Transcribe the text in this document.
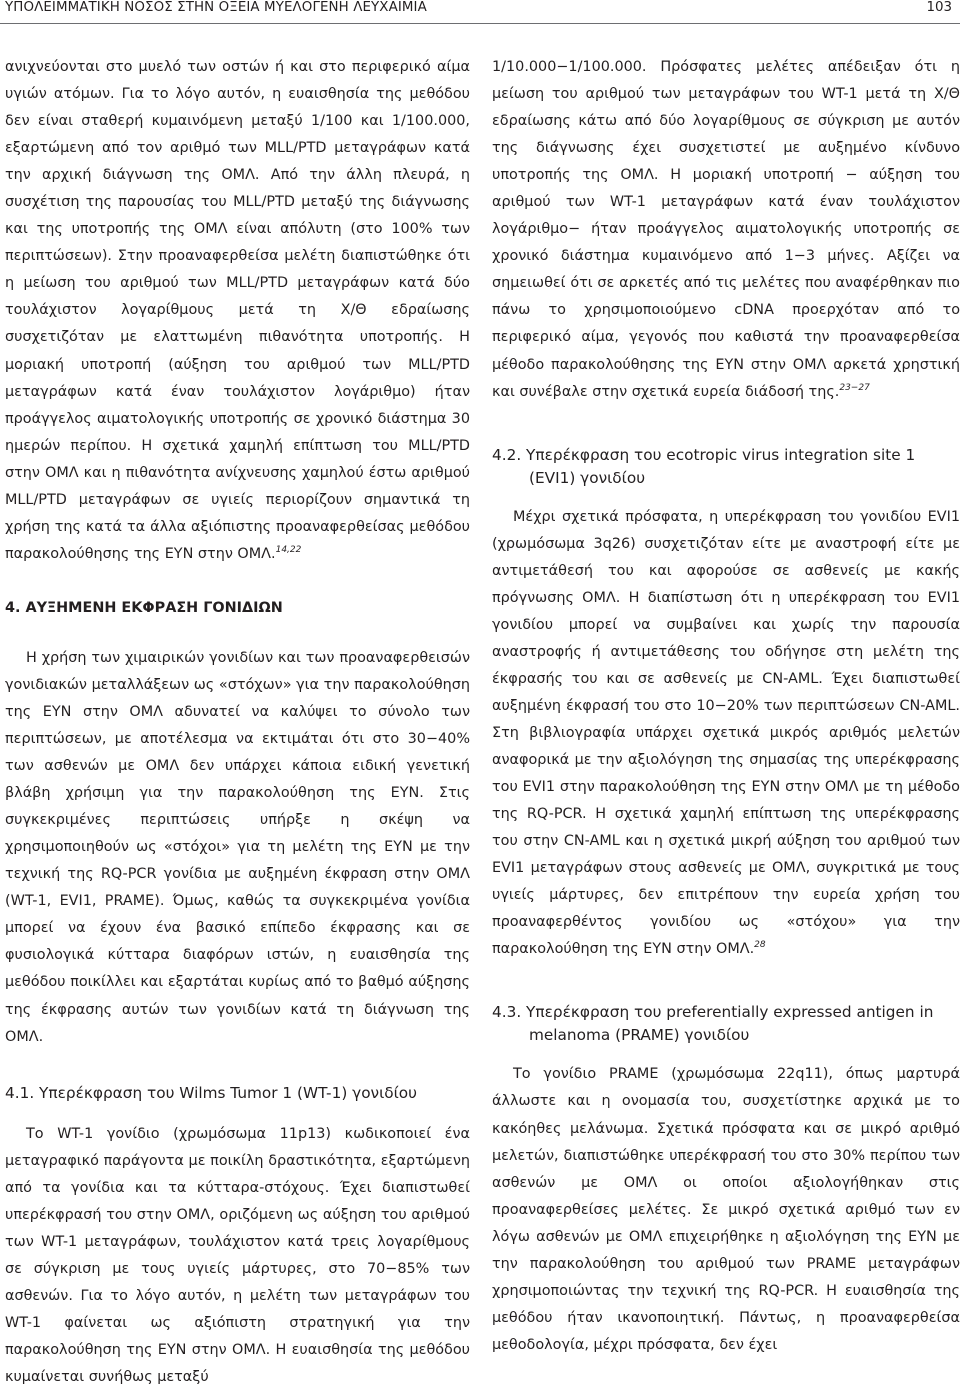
ΥΠΟΛΕΙΜΜΑΤΙΚΗ ΝΟΣΟΣ ΣΤΗΝ ΟΞΕΙΑ ΜΥΕΛΟΓΕΝΗ ΛΕΥΧΑΙΜΙΑ	103

ανιχνεύονται στο μυελό των οστών ή και στο περιφερικό αίμα υγιών ατόμων. Για το λόγο αυτόν, η ευαισθησία της μεθόδου δεν είναι σταθερή κυμαινόμενη μεταξύ 1/100 και 1/100.000, εξαρτώμενη από τον αριθμό των MLL/PTD μεταγράφων κατά την αρχική διάγνωση της ΟΜΛ. Από την άλλη πλευρά, η συσχέτιση της παρουσίας του MLL/PTD μεταξύ της διάγνωσης και της υποτροπής της ΟΜΛ είναι απόλυτη (στο 100% των περιπτώσεων). Στην προαναφερθείσα μελέτη διαπιστώθηκε ότι η μείωση του αριθμού των MLL/PTD μεταγράφων κατά δύο τουλάχιστον λογαρίθμους μετά τη Χ/Θ εδραίωσης συσχετιζόταν με ελαττωμένη πιθανότητα υποτροπής. Η μοριακή υποτροπή (αύξηση του αριθμού των MLL/PTD μεταγράφων κατά έναν τουλάχιστον λογάριθμο) ήταν προάγγελος αιματολογικής υποτροπής σε χρονικό διάστημα 30 ημερών περίπου. Η σχετικά χαμηλή επίπτωση του MLL/PTD στην ΟΜΛ και η πιθανότητα ανίχνευσης χαμηλού έστω αριθμού MLL/PTD μεταγράφων σε υγιείς περιορίζουν σημαντικά τη χρήση της κατά τα άλλα αξιόπιστης προαναφερθείσας μεθόδου παρακολούθησης της ΕΥΝ στην ΟΜΛ.$^{14,22}$

4. ΑΥΞΗΜΕΝΗ ΕΚΦΡΑΣΗ ΓΟΝΙΔΙΩΝ

Η χρήση των χιμαιρικών γονιδίων και των προαναφερθεισών γονιδιακών μεταλλάξεων ως «στόχων» για την παρακολούθηση της ΕΥΝ στην ΟΜΛ αδυνατεί να καλύψει το σύνολο των περιπτώσεων, με αποτέλεσμα να εκτιμάται ότι στο 30−40% των ασθενών με ΟΜΛ δεν υπάρχει κάποια ειδική γενετική βλάβη χρήσιμη για την παρακολούθηση της ΕΥΝ. Στις συγκεκριμένες περιπτώσεις υπήρξε η σκέψη να χρησιμοποιηθούν ως «στόχοι» για τη μελέτη της ΕΥΝ με την τεχνική της RQ-PCR γονίδια με αυξημένη έκφραση στην ΟΜΛ (WT-1, EVI1, PRAME). Όμως, καθώς τα συγκεκριμένα γονίδια μπορεί να έχουν ένα βασικό επίπεδο έκφρασης και σε φυσιολογικά κύτταρα διαφόρων ιστών, η ευαισθησία της μεθόδου ποικίλλει και εξαρτάται κυρίως από το βαθμό αύξησης της έκφρασης αυτών των γονιδίων κατά τη διάγνωση της ΟΜΛ.

4.1. Υπερέκφραση του Wilms Tumor 1 (WT-1) γονιδίου

Το WT-1 γονίδιο (χρωμόσωμα 11p13) κωδικοποιεί ένα μεταγραφικό παράγοντα με ποικίλη δραστικότητα, εξαρτώμενη από τα γονίδια και τα κύτταρα-στόχους. Έχει διαπιστωθεί υπερέκφρασή του στην ΟΜΛ, οριζόμενη ως αύξηση του αριθμού των WT-1 μεταγράφων, τουλάχιστον κατά τρεις λογαρίθμους σε σύγκριση με τους υγιείς μάρτυρες, στο 70−85% των ασθενών. Για το λόγο αυτόν, η μελέτη των μεταγράφων του WT-1 φαίνεται ως αξιόπιστη στρατηγική για την παρακολούθηση της ΕΥΝ στην ΟΜΛ. Η ευαισθησία της μεθόδου κυμαίνεται συνήθως μεταξύ

1/10.000−1/100.000. Πρόσφατες μελέτες απέδειξαν ότι η μείωση του αριθμού των μεταγράφων του WT-1 μετά τη Χ/Θ εδραίωσης κάτω από δύο λογαρίθμους σε σύγκριση με αυτόν της διάγνωσης έχει συσχετιστεί με αυξημένο κίνδυνο υποτροπής της ΟΜΛ. Η μοριακή υποτροπή − αύξηση του αριθμού των WT-1 μεταγράφων κατά έναν τουλάχιστον λογάριθμο− ήταν προάγγελος αιματολογικής υποτροπής σε χρονικό διάστημα κυμαινόμενο από 1−3 μήνες. Αξίζει να σημειωθεί ότι σε αρκετές από τις μελέτες που αναφέρθηκαν πιο πάνω το χρησιμοποιούμενο cDNA προερχόταν από το περιφερικό αίμα, γεγονός που καθιστά την προαναφερθείσα μέθοδο παρακολούθησης της ΕΥΝ στην ΟΜΛ αρκετά χρηστική και συνέβαλε στην σχετικά ευρεία διάδοσή της.$^{23-27}$

4.2. Υπερέκφραση του ecotropic virus integration site 1 (EVI1) γονιδίου

Μέχρι σχετικά πρόσφατα, η υπερέκφραση του γονιδίου EVI1 (χρωμόσωμα 3q26) συσχετιζόταν είτε με αναστροφή είτε με αντιμετάθεσή του και αφορούσε σε ασθενείς με κακής πρόγνωσης ΟΜΛ. Η διαπίστωση ότι η υπερέκφραση του EVI1 γονιδίου μπορεί να συμβαίνει και χωρίς την παρουσία αναστροφής ή αντιμετάθεσης του οδήγησε στη μελέτη της έκφρασής του και σε ασθενείς με CN-AML. Έχει διαπιστωθεί αυξημένη έκφρασή του στο 10−20% των περιπτώσεων CN-AML. Στη βιβλιογραφία υπάρχει σχετικά μικρός αριθμός μελετών αναφορικά με την αξιολόγηση της σημασίας της υπερέκφρασης του EVI1 στην παρακολούθηση της ΕΥΝ στην ΟΜΛ με τη μέθοδο της RQ-PCR. Η σχετικά χαμηλή επίπτωση της υπερέκφρασης του στην CN-AML και η σχετικά μικρή αύξηση του αριθμού των EVI1 μεταγράφων στους ασθενείς με ΟΜΛ, συγκριτικά με τους υγιείς μάρτυρες, δεν επιτρέπουν την ευρεία χρήση του προαναφερθέντος γονιδίου ως «στόχου» για την παρακολούθηση της ΕΥΝ στην ΟΜΛ.$^{28}$

4.3. Υπερέκφραση του preferentially expressed antigen in melanoma (PRAME) γονιδίου

Το γονίδιο PRAME (χρωμόσωμα 22q11), όπως μαρτυρά άλλωστε και η ονομασία του, συσχετίστηκε αρχικά με το κακόηθες μελάνωμα. Σχετικά πρόσφατα και σε μικρό αριθμό μελετών, διαπιστώθηκε υπερέκφρασή του στο 30% περίπου των ασθενών με ΟΜΛ οι οποίοι αξιολογήθηκαν στις προαναφερθείσες μελέτες. Σε μικρό σχετικά αριθμό των εν λόγω ασθενών με ΟΜΛ επιχειρήθηκε η αξιολόγηση της ΕΥΝ με την παρακολούθηση του αριθμού των PRAME μεταγράφων χρησιμοποιώντας την τεχνική της RQ-PCR. Η ευαισθησία της μεθόδου ήταν ικανοποιητική. Πάντως, η προαναφερθείσα μεθοδολογία, μέχρι πρόσφατα, δεν έχει
